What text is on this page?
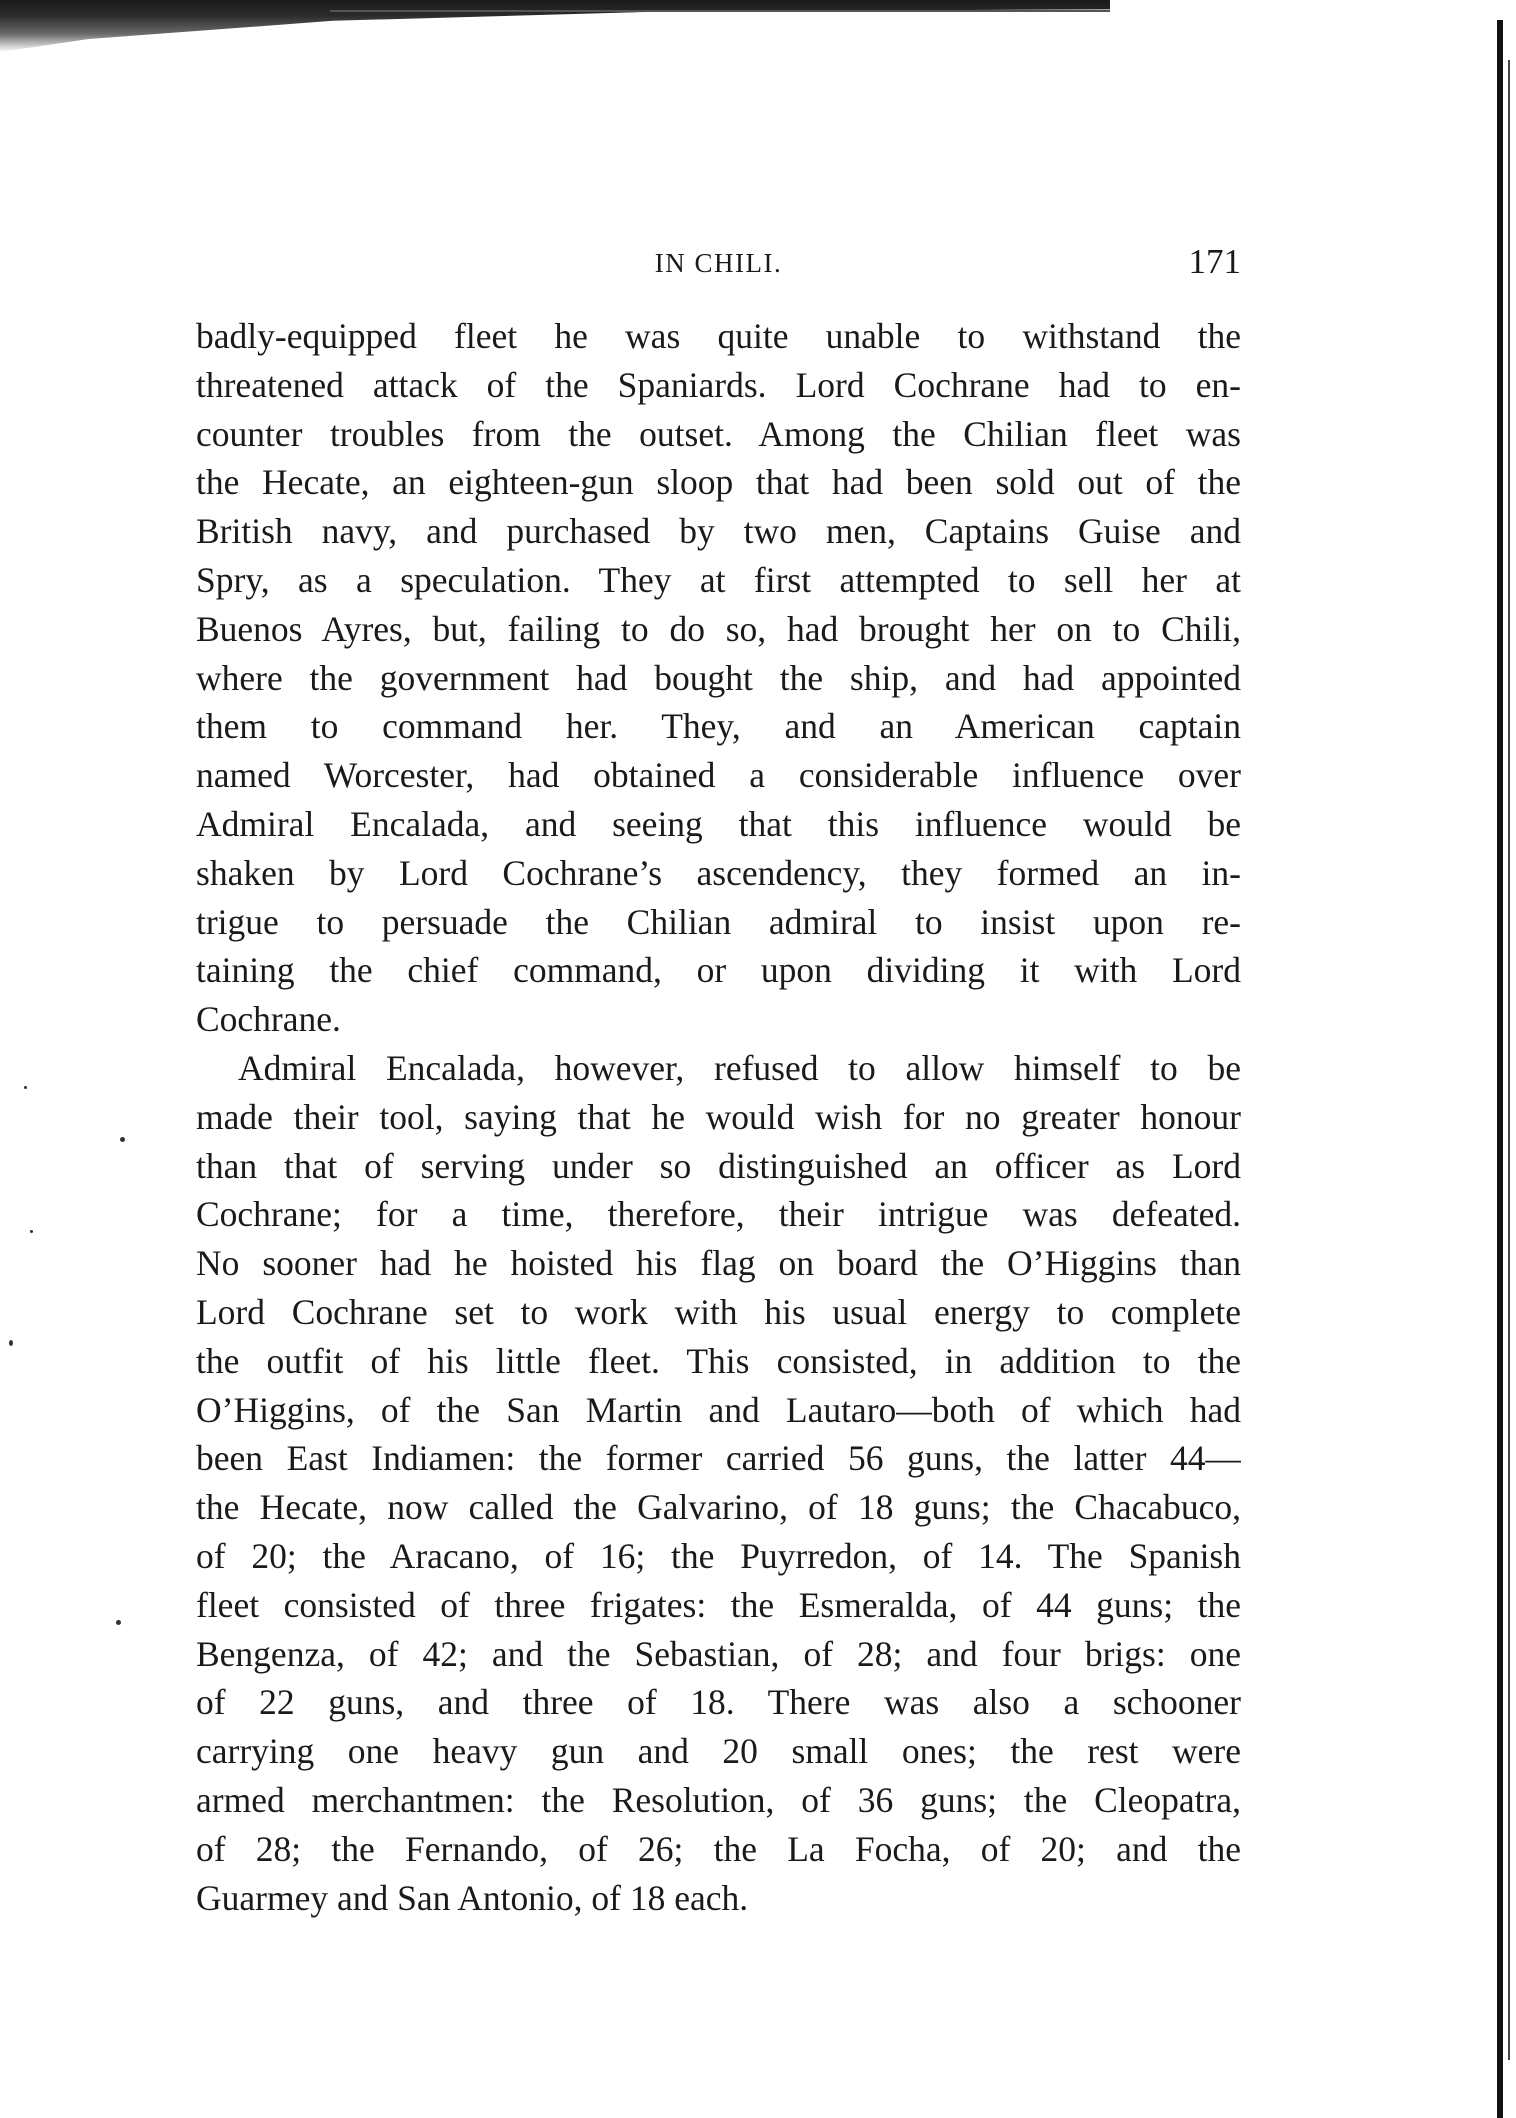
IN CHILI.	171
badly-equipped fleet he was quite unable to withstand the
threatened attack of the Spaniards. Lord Cochrane had to en-
counter troubles from the outset. Among the Chilian fleet was
the Hecate, an eighteen-gun sloop that had been sold out of the
British navy, and purchased by two men, Captains Guise and
Spry, as a speculation. They at first attempted to sell her at
Buenos Ayres, but, failing to do so, had brought her on to Chili,
where the government had bought the ship, and had appointed
them to command her. They, and an American captain
named Worcester, had obtained a considerable influence over
Admiral Encalada, and seeing that this influence would be
shaken by Lord Cochrane’s ascendency, they formed an in-
trigue to persuade the Chilian admiral to insist upon re-
taining the chief command, or upon dividing it with Lord
Cochrane.
Admiral Encalada, however, refused to allow himself to be
made their tool, saying that he would wish for no greater honour
than that of serving under so distinguished an officer as Lord
Cochrane; for a time, therefore, their intrigue was defeated.
No sooner had he hoisted his flag on board the O’Higgins than
Lord Cochrane set to work with his usual energy to complete
the outfit of his little fleet. This consisted, in addition to the
O’Higgins, of the San Martin and Lautaro—both of which had
been East Indiamen: the former carried 56 guns, the latter 44—
the Hecate, now called the Galvarino, of 18 guns; the Chacabuco,
of 20; the Aracano, of 16; the Puyrredon, of 14. The Spanish
fleet consisted of three frigates: the Esmeralda, of 44 guns; the
Bengenza, of 42; and the Sebastian, of 28; and four brigs: one
of 22 guns, and three of 18. There was also a schooner
carrying one heavy gun and 20 small ones; the rest were
armed merchantmen: the Resolution, of 36 guns; the Cleopatra,
of 28; the Fernando, of 26; the La Focha, of 20; and the
Guarmey and San Antonio, of 18 each.
